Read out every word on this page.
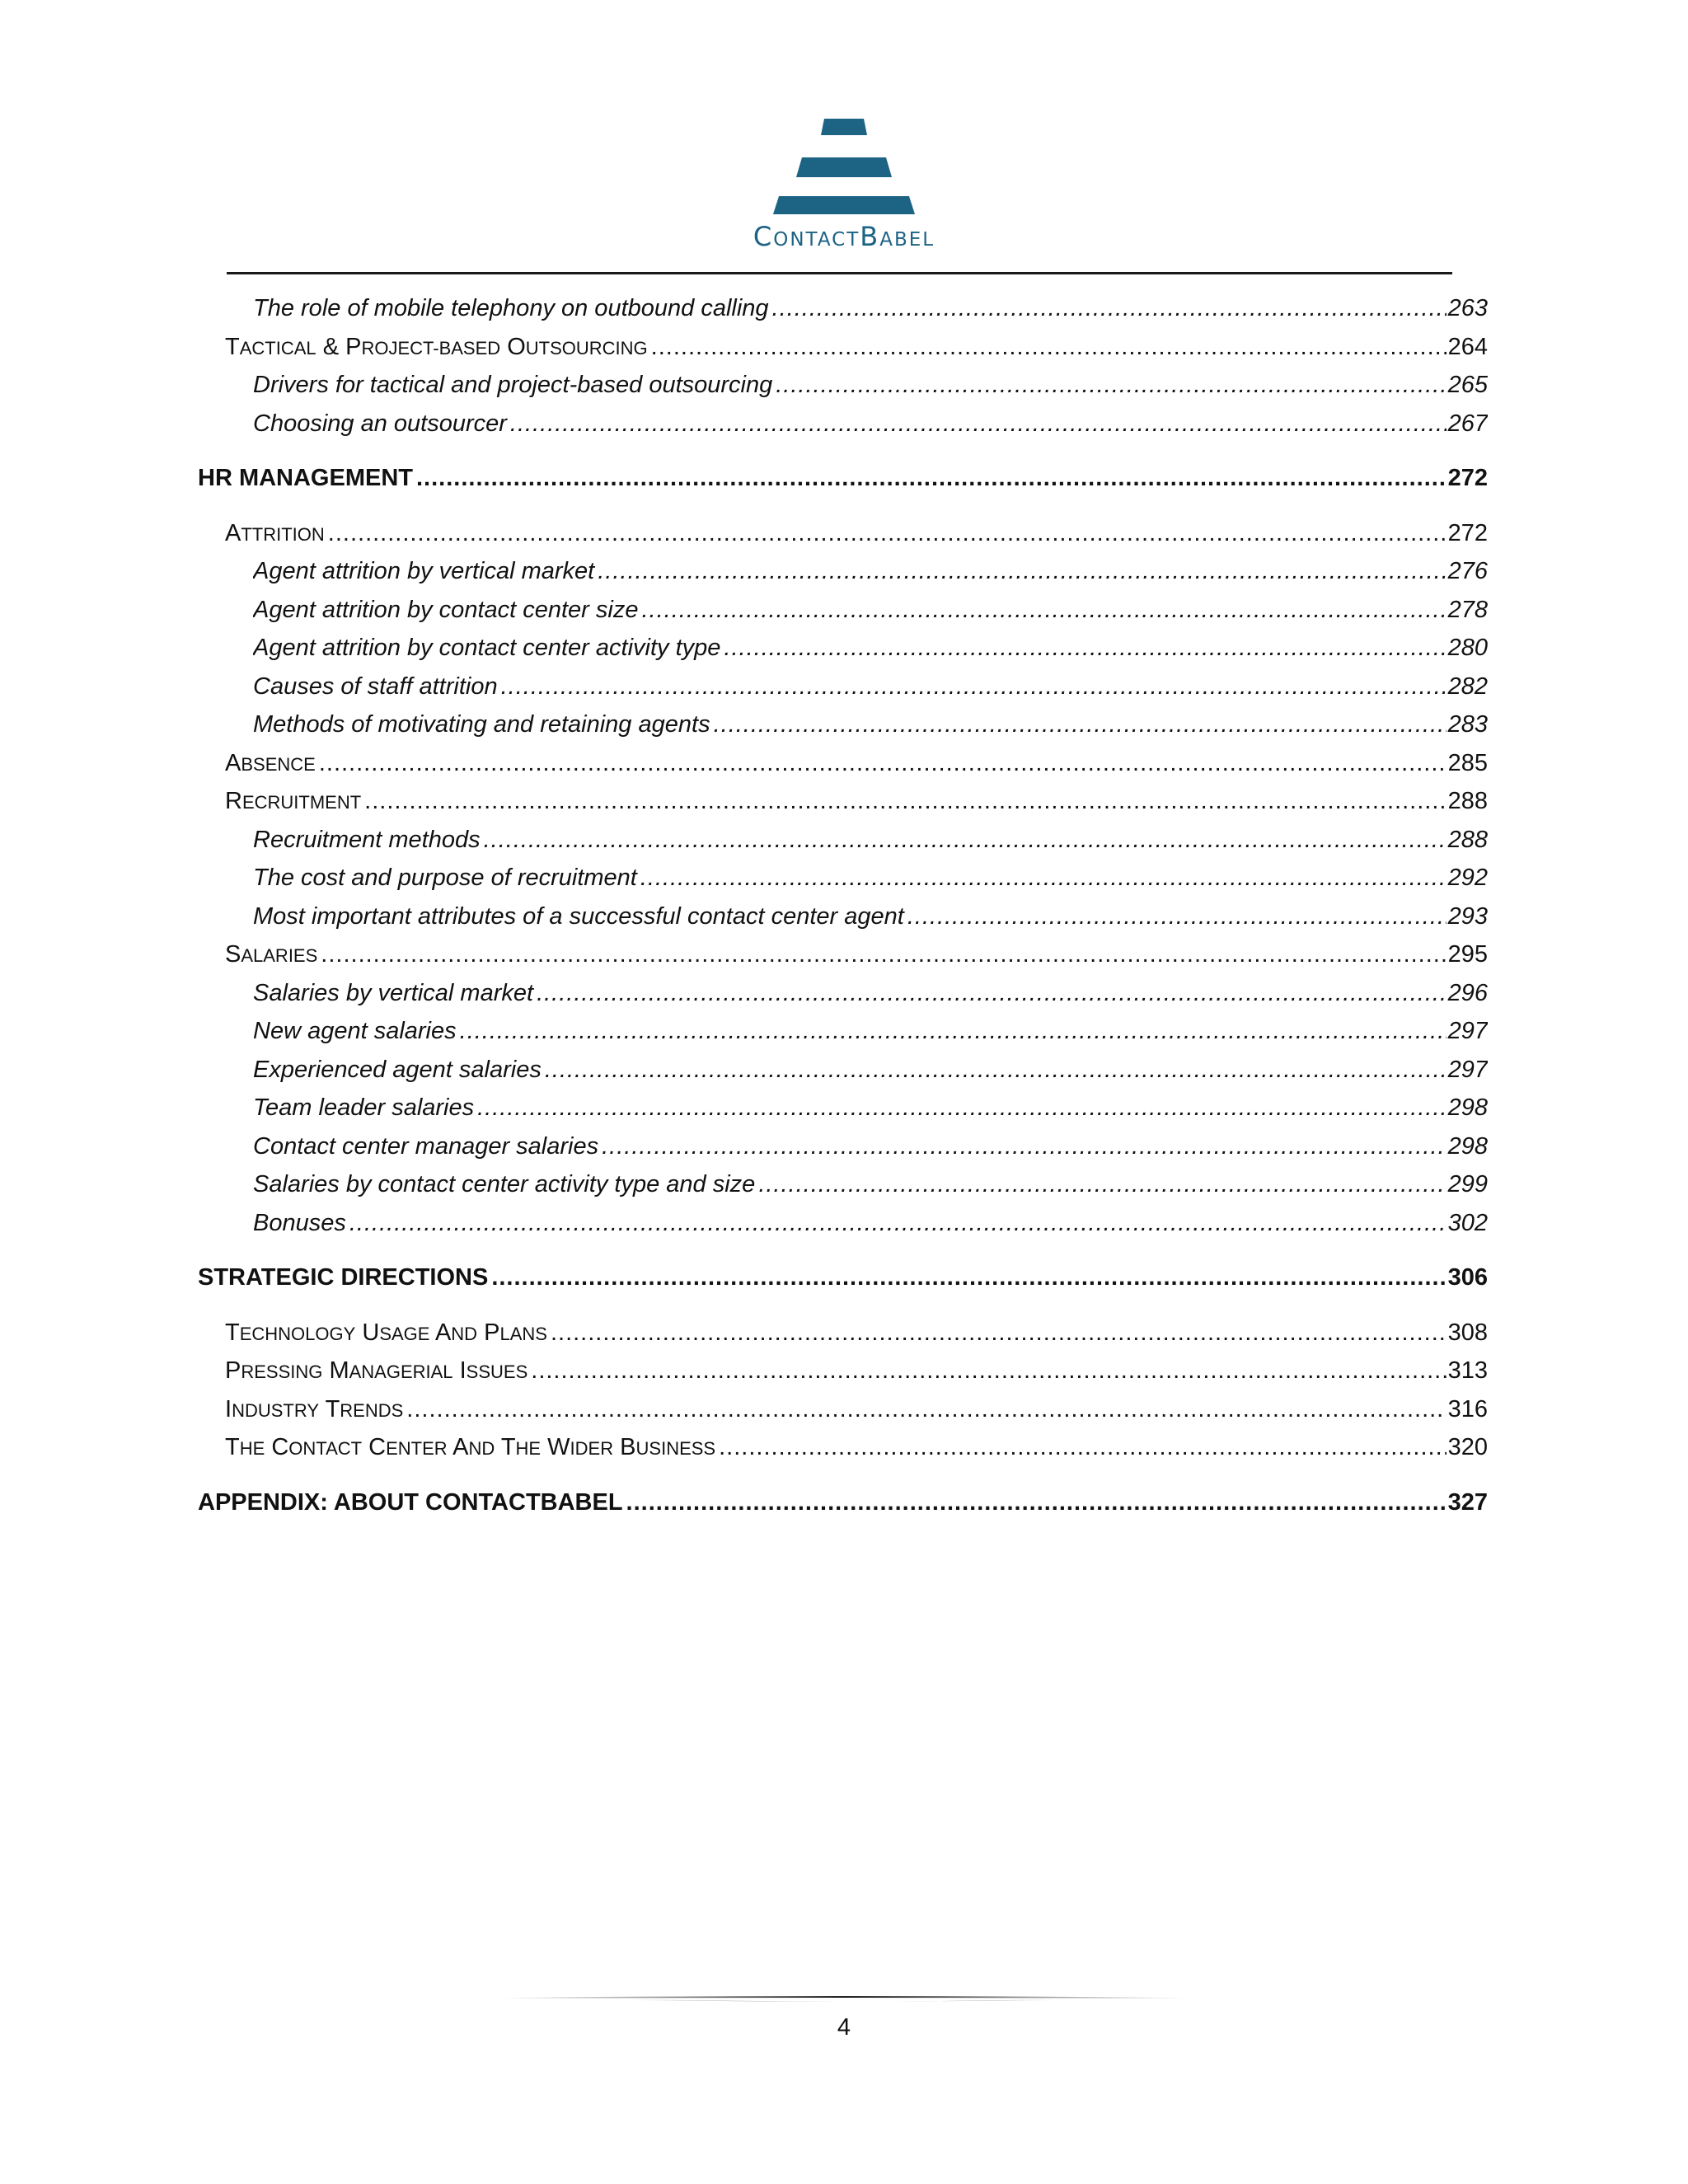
CONTACTBABEL
The role of mobile telephony on outbound calling .....	263
TACTICAL & PROJECT-BASED OUTSOURCING .....	264
Drivers for tactical and project-based outsourcing .....	265
Choosing an outsourcer .....	267
HR MANAGEMENT .....	272
ATTRITION .....	272
Agent attrition by vertical market .....	276
Agent attrition by contact center size .....	278
Agent attrition by contact center activity type .....	280
Causes of staff attrition .....	282
Methods of motivating and retaining agents .....	283
ABSENCE .....	285
RECRUITMENT .....	288
Recruitment methods .....	288
The cost and purpose of recruitment .....	292
Most important attributes of a successful contact center agent .....	293
SALARIES .....	295
Salaries by vertical market .....	296
New agent salaries .....	297
Experienced agent salaries .....	297
Team leader salaries .....	298
Contact center manager salaries .....	298
Salaries by contact center activity type and size .....	299
Bonuses .....	302
STRATEGIC DIRECTIONS .....	306
TECHNOLOGY USAGE AND PLANS .....	308
PRESSING MANAGERIAL ISSUES .....	313
INDUSTRY TRENDS .....	316
THE CONTACT CENTER AND THE WIDER BUSINESS .....	320
APPENDIX: ABOUT CONTACTBABEL .....	327
4
